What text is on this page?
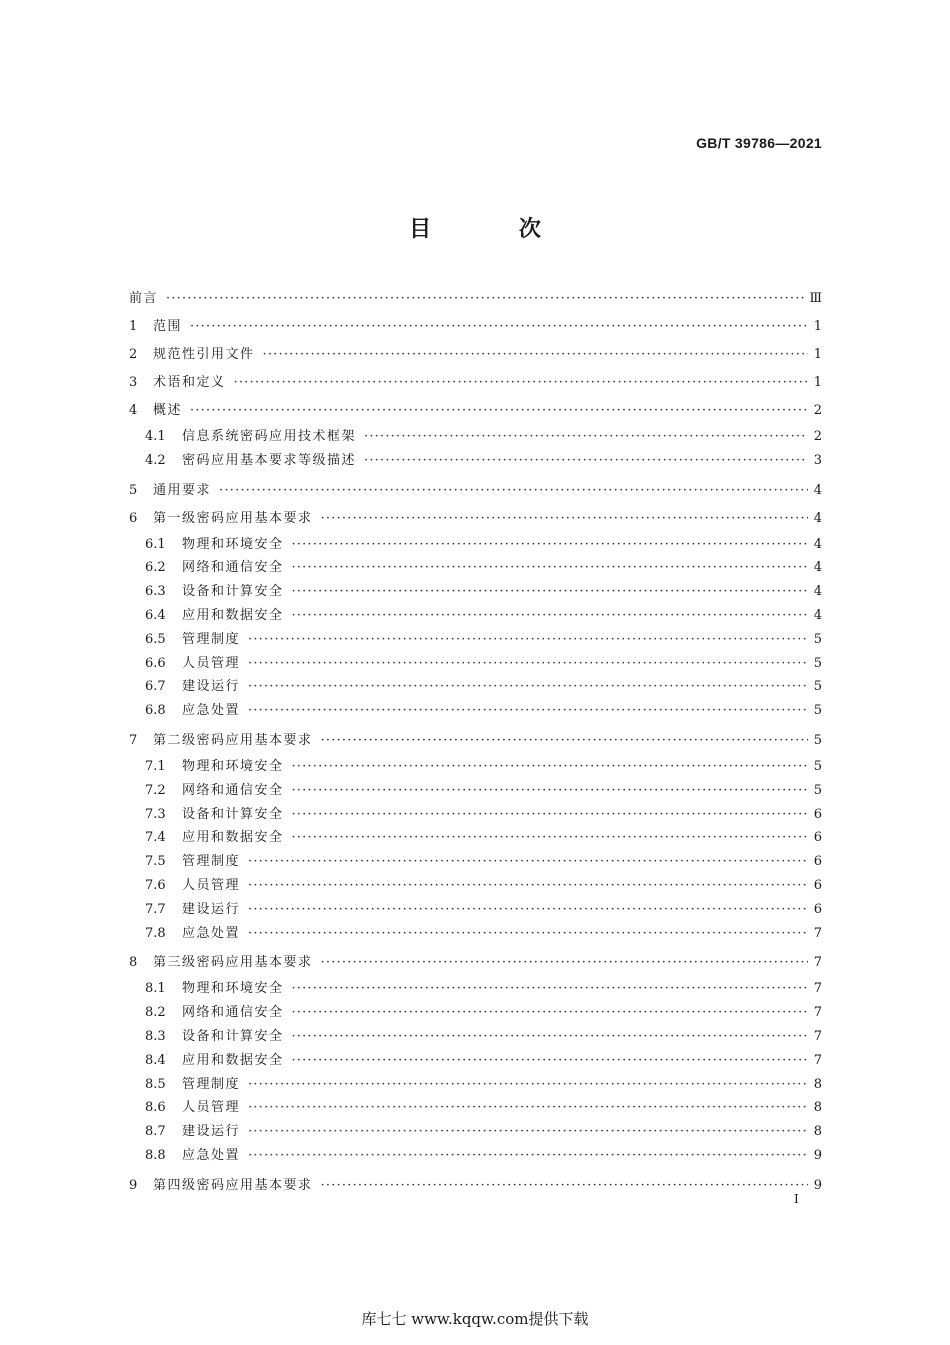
GB/T 39786—2021
目 次
前言 ·····	Ⅲ
1	范围 ·····	1
2	规范性引用文件 ·····	1
3	术语和定义 ·····	1
4	概述 ·····	2
4.1	信息系统密码应用技术框架 ·····	2
4.2	密码应用基本要求等级描述 ·····	3
5	通用要求 ·····	4
6	第一级密码应用基本要求 ·····	4
6.1	物理和环境安全 ·····	4
6.2	网络和通信安全 ·····	4
6.3	设备和计算安全 ·····	4
6.4	应用和数据安全 ·····	4
6.5	管理制度 ·····	5
6.6	人员管理 ·····	5
6.7	建设运行 ·····	5
6.8	应急处置 ·····	5
7	第二级密码应用基本要求 ·····	5
7.1	物理和环境安全 ·····	5
7.2	网络和通信安全 ·····	5
7.3	设备和计算安全 ·····	6
7.4	应用和数据安全 ·····	6
7.5	管理制度 ·····	6
7.6	人员管理 ·····	6
7.7	建设运行 ·····	6
7.8	应急处置 ·····	7
8	第三级密码应用基本要求 ·····	7
8.1	物理和环境安全 ·····	7
8.2	网络和通信安全 ·····	7
8.3	设备和计算安全 ·····	7
8.4	应用和数据安全 ·····	7
8.5	管理制度 ·····	8
8.6	人员管理 ·····	8
8.7	建设运行 ·····	8
8.8	应急处置 ·····	9
9	第四级密码应用基本要求 ·····	9
I
库七七 www.kqqw.com提供下载
